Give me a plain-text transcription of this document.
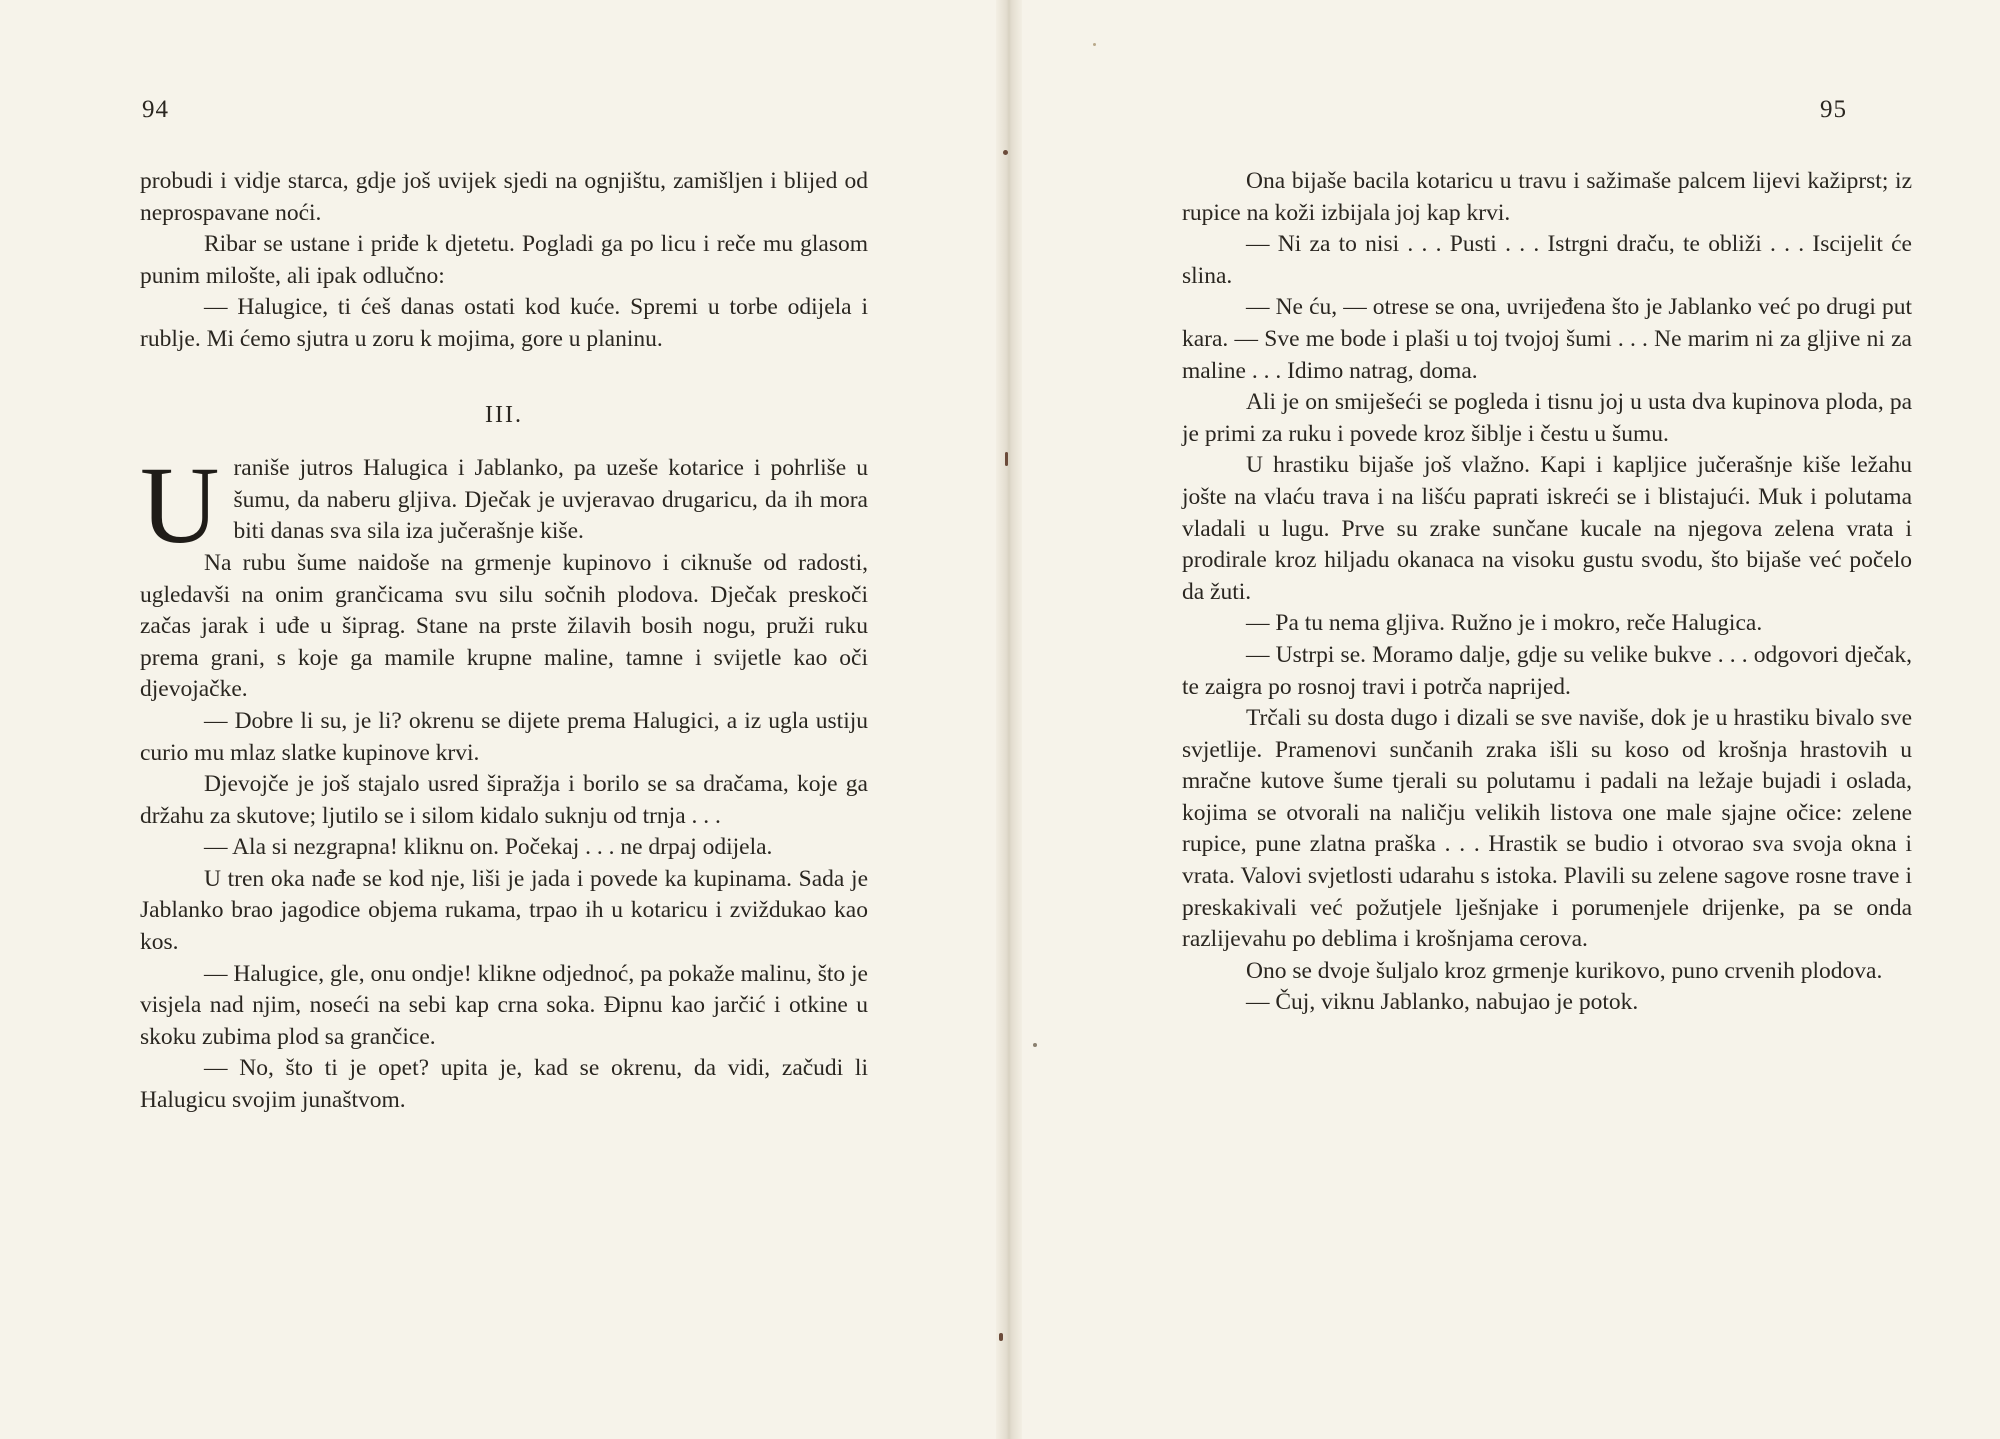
94

probudi i vidje starca, gdje još uvijek sjedi na ognjištu, zamišljen i blijed od neprospavane noći.

Ribar se ustane i priđe k djetetu. Pogladi ga po licu i reče mu glasom punim milošte, ali ipak odlučno:

— Halugice, ti ćeš danas ostati kod kuće. Spremi u torbe odijela i rublje. Mi ćemo sjutra u zoru k mojima, gore u planinu.

III.

Uraniše jutros Halugica i Jablanko, pa uzeše kotarice i pohrliše u šumu, da naberu gljiva. Dječak je uvjeravao drugaricu, da ih mora biti danas sva sila iza jučerašnje kiše.

Na rubu šume naidoše na grmenje kupinovo i ciknuše od radosti, ugledavši na onim grančicama svu silu sočnih plodova. Dječak preskoči začas jarak i uđe u šiprag. Stane na prste žilavih bosih nogu, pruži ruku prema grani, s koje ga mamile krupne maline, tamne i svijetle kao oči djevojačke.

— Dobre li su, je li? okrenu se dijete prema Halugici, a iz ugla ustiju curio mu mlaz slatke kupinove krvi.

Djevojče je još stajalo usred šipražja i borilo se sa dračama, koje ga držahu za skutove; ljutilo se i silom kidalo suknju od trnja . . .

— Ala si nezgrapna! kliknu on. Počekaj . . . ne drpaj odijela.

U tren oka nađe se kod nje, liši je jada i povede ka kupinama. Sada je Jablanko brao jagodice objema rukama, trpao ih u kotaricu i zviždukao kao kos.

— Halugice, gle, onu ondje! klikne odjednoć, pa pokaže malinu, što je visjela nad njim, noseći na sebi kap crna soka. Đipnu kao jarčić i otkine u skoku zubima plod sa grančice.

— No, što ti je opet? upita je, kad se okrenu, da vidi, začudi li Halugicu svojim junaštvom.

95

Ona bijaše bacila kotaricu u travu i sažimaše palcem lijevi kažiprst; iz rupice na koži izbijala joj kap krvi.

— Ni za to nisi . . . Pusti . . . Istrgni draču, te obliži . . . Iscijelit će slina.

— Ne ću, — otrese se ona, uvrijeđena što je Jablanko već po drugi put kara. — Sve me bode i plaši u toj tvojoj šumi . . . Ne marim ni za gljive ni za maline . . . Idimo natrag, doma.

Ali je on smiješeći se pogleda i tisnu joj u usta dva kupinova ploda, pa je primi za ruku i povede kroz šiblje i čestu u šumu.

U hrastiku bijaše još vlažno. Kapi i kapljice jučerašnje kiše ležahu jošte na vlaću trava i na lišću paprati iskreći se i blistajući. Muk i polutama vladali u lugu. Prve su zrake sunčane kucale na njegova zelena vrata i prodirale kroz hiljadu okanaca na visoku gustu svodu, što bijaše već počelo da žuti.

— Pa tu nema gljiva. Ružno je i mokro, reče Halugica.

— Ustrpi se. Moramo dalje, gdje su velike bukve . . . odgovori dječak, te zaigra po rosnoj travi i potrča naprijed.

Trčali su dosta dugo i dizali se sve naviše, dok je u hrastiku bivalo sve svjetlije. Pramenovi sunčanih zraka išli su koso od krošnja hrastovih u mračne kutove šume tjerali su polutamu i padali na ležaje bujadi i oslada, kojima se otvorali na naličju velikih listova one male sjajne očice: zelene rupice, pune zlatna praška . . . Hrastik se budio i otvorao sva svoja okna i vrata. Valovi svjetlosti udarahu s istoka. Plavili su zelene sagove rosne trave i preskakivali već požutjele lješnjake i porumenjele drijenke, pa se onda razlijevahu po deblima i krošnjama cerova.

Ono se dvoje šuljalo kroz grmenje kurikovo, puno crvenih plodova.

— Čuj, viknu Jablanko, nabujao je potok.
